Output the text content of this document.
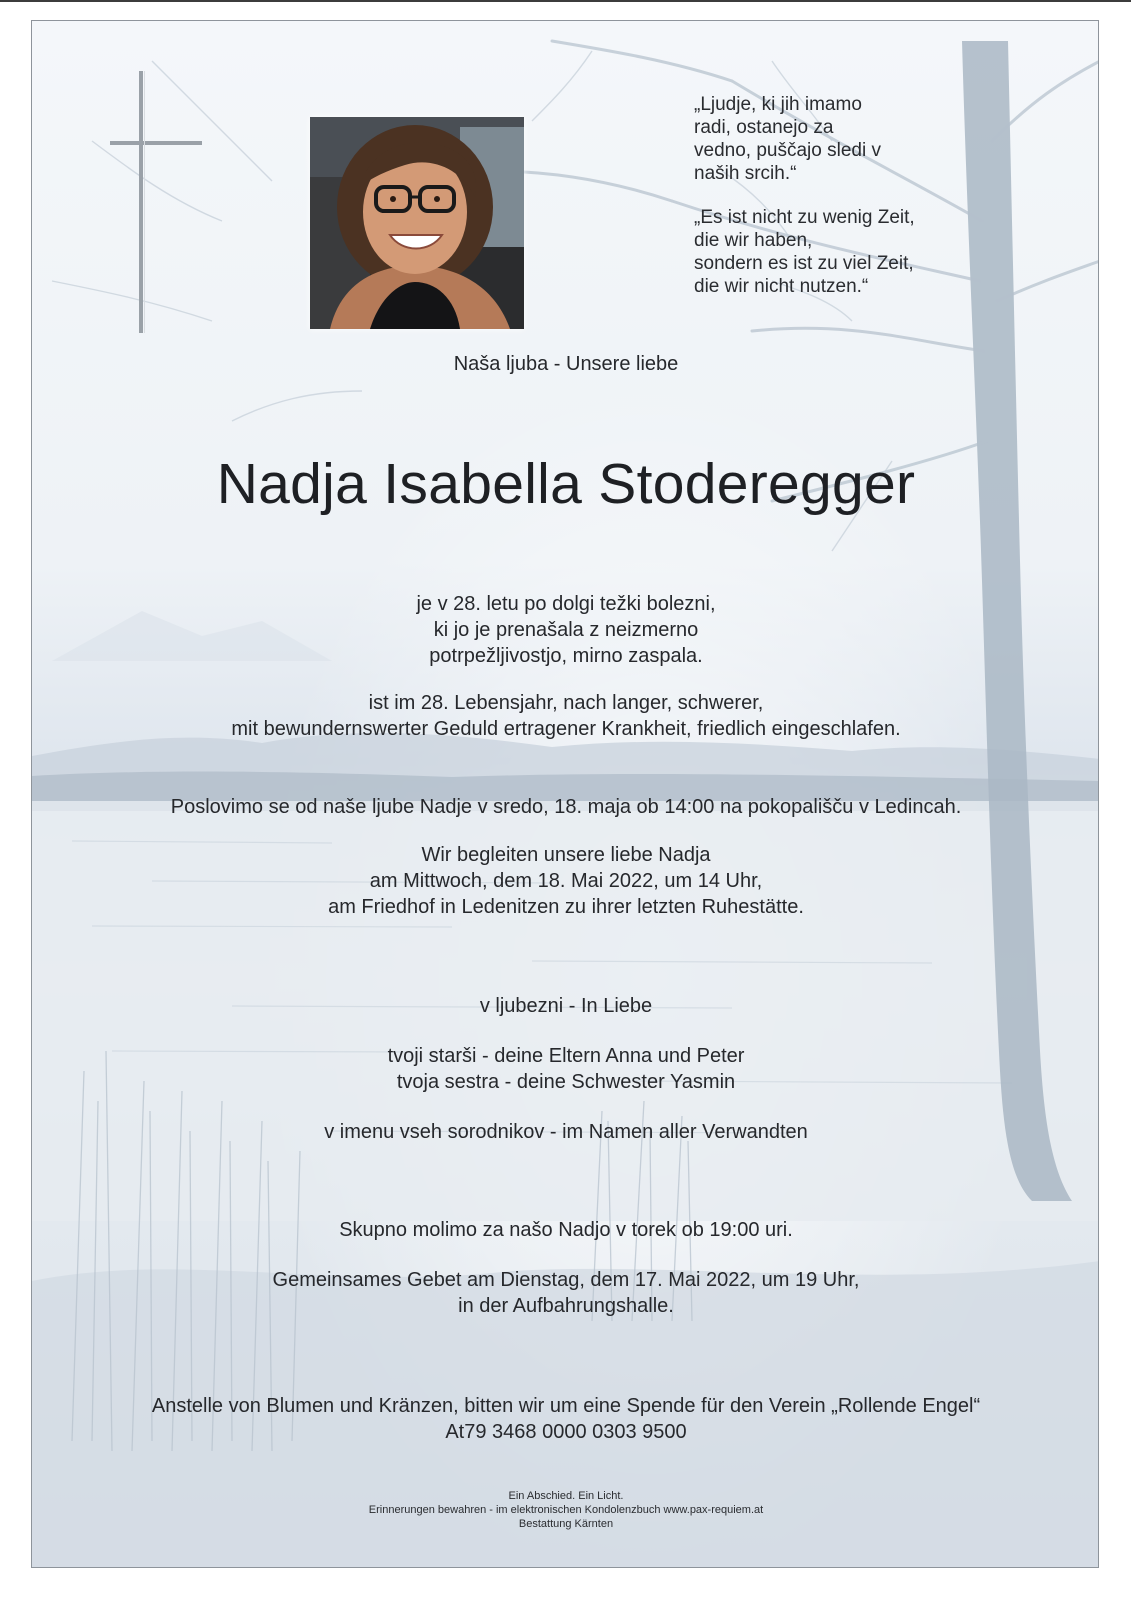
„Ljudje, ki jih imamo
radi, ostanejo za
vedno, puščajo sledi v
naših srcih.“

„Es ist nicht zu wenig Zeit,
die wir haben,
sondern es ist zu viel Zeit,
die wir nicht nutzen.“

Naša ljuba - Unsere liebe
Nadja Isabella Stoderegger
je v 28. letu po dolgi težki bolezni,
ki jo je prenašala z neizmerno
potrpežljivostjo, mirno zaspala.
ist im 28. Lebensjahr, nach langer, schwerer,
mit bewundernswerter Geduld ertragener Krankheit, friedlich eingeschlafen.
Poslovimo se od naše ljube Nadje v sredo, 18. maja ob 14:00 na pokopališču v Ledincah.
Wir begleiten unsere liebe Nadja
am Mittwoch, dem 18. Mai 2022, um 14 Uhr,
am Friedhof in Ledenitzen zu ihrer letzten Ruhestätte.
v ljubezni - In Liebe
tvoji starši - deine Eltern Anna und Peter
tvoja sestra - deine Schwester Yasmin
v imenu vseh sorodnikov - im Namen aller Verwandten
Skupno molimo za našo Nadjo v torek ob 19:00 uri.
Gemeinsames Gebet am Dienstag, dem 17. Mai 2022, um 19 Uhr,
in der Aufbahrungshalle.
Anstelle von Blumen und Kränzen, bitten wir um eine Spende für den Verein „Rollende Engel“
At79 3468 0000 0303 9500
Ein Abschied. Ein Licht.
Erinnerungen bewahren - im elektronischen Kondolenzbuch www.pax-requiem.at
Bestattung Kärnten
